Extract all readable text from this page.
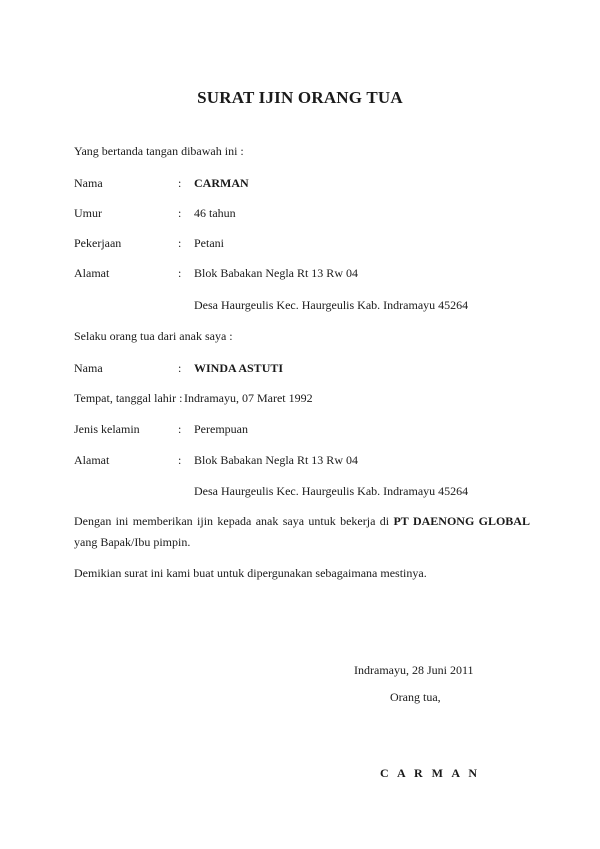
SURAT IJIN ORANG TUA
Yang bertanda tangan dibawah ini :
Nama	: CARMAN
Umur	: 46 tahun
Pekerjaan	: Petani
Alamat	: Blok Babakan Negla Rt 13 Rw 04
Desa Haurgeulis Kec. Haurgeulis Kab. Indramayu 45264
Selaku orang tua dari anak saya :
Nama	: WINDA ASTUTI
Tempat, tanggal lahir : Indramayu, 07 Maret 1992
Jenis kelamin	: Perempuan
Alamat	: Blok Babakan Negla Rt 13 Rw 04
Desa Haurgeulis Kec. Haurgeulis Kab. Indramayu 45264
Dengan ini memberikan ijin kepada anak saya untuk bekerja di PT DAENONG GLOBAL yang Bapak/Ibu pimpin.
Demikian surat ini kami buat untuk dipergunakan sebagaimana mestinya.
Indramayu, 28 Juni 2011
Orang tua,
C A R M A N
